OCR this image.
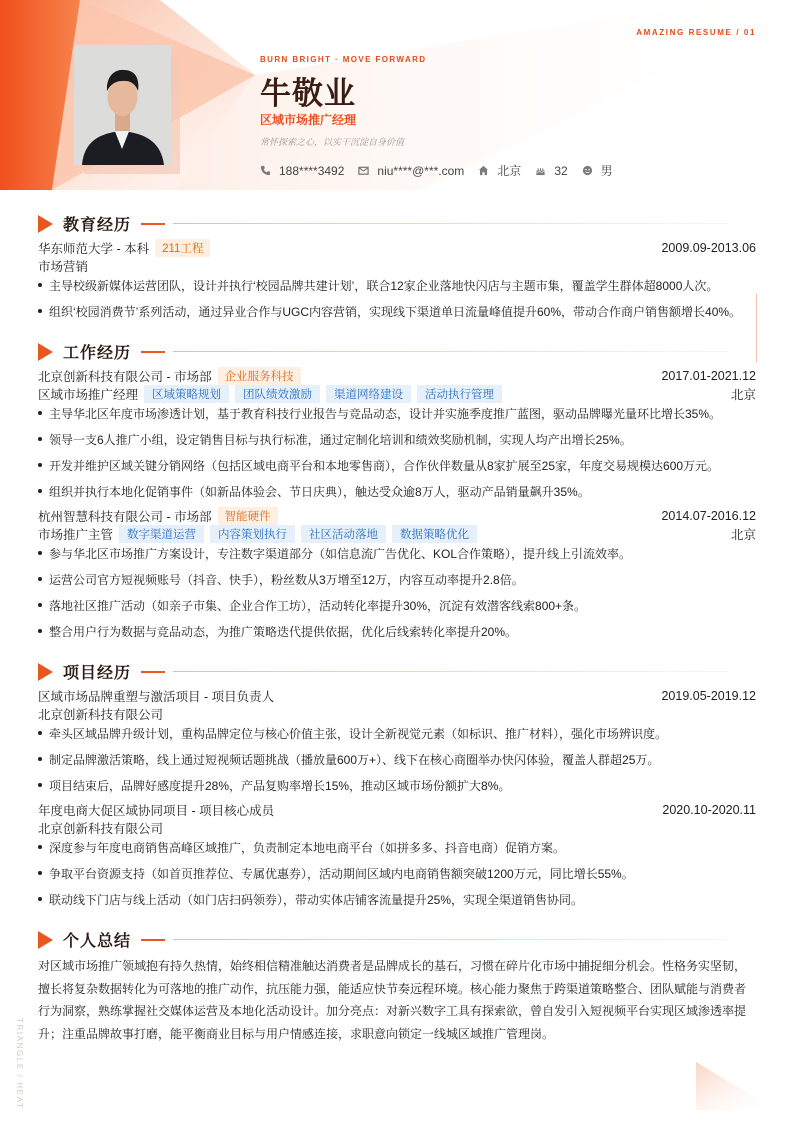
AMAZING RESUME / 01
BURN BRIGHT · MOVE FORWARD
牛敬业
区域市场推广经理
常怀探索之心，以实干沉淀自身价值
188****3492	niu****@***.com	北京	32	男
教育经历
华东师范大学 - 本科	211工程	2009.09-2013.06
市场营销
主导校级新媒体运营团队，设计并执行‘校园品牌共建计划’，联合12家企业落地快闪店与主题市集，覆盖学生群体超8000人次。
组织‘校园消费节’系列活动，通过异业合作与UGC内容营销，实现线下渠道单日流量峰值提升60%，带动合作商户销售额增长40%。
工作经历
北京创新科技有限公司 - 市场部	企业服务科技	2017.01-2021.12
区域市场推广经理	区域策略规划	团队绩效激励	渠道网络建设	活动执行管理	北京
主导华北区年度市场渗透计划，基于教育科技行业报告与竞品动态，设计并实施季度推广蓝图，驱动品牌曝光量环比增长35%。
领导一支6人推广小组，设定销售目标与执行标准，通过定制化培训和绩效奖励机制，实现人均产出增长25%。
开发并维护区域关键分销网络（包括区域电商平台和本地零售商），合作伙伴数量从8家扩展至25家，年度交易规模达600万元。
组织并执行本地化促销事件（如新品体验会、节日庆典），触达受众逾8万人，驱动产品销量飙升35%。
杭州智慧科技有限公司 - 市场部	智能硬件	2014.07-2016.12
市场推广主管	数字渠道运营	内容策划执行	社区活动落地	数据策略优化	北京
参与华北区市场推广方案设计，专注数字渠道部分（如信息流广告优化、KOL合作策略），提升线上引流效率。
运营公司官方短视频账号（抖音、快手），粉丝数从3万增至12万，内容互动率提升2.8倍。
落地社区推广活动（如亲子市集、企业合作工坊），活动转化率提升30%，沉淀有效潜客线索800+条。
整合用户行为数据与竞品动态，为推广策略迭代提供依据，优化后线索转化率提升20%。
项目经历
区域市场品牌重塑与激活项目 - 项目负责人	2019.05-2019.12
北京创新科技有限公司
牵头区域品牌升级计划，重构品牌定位与核心价值主张，设计全新视觉元素（如标识、推广材料），强化市场辨识度。
制定品牌激活策略，线上通过短视频话题挑战（播放量600万+）、线下在核心商圈举办快闪体验，覆盖人群超25万。
项目结束后，品牌好感度提升28%，产品复购率增长15%，推动区域市场份额扩大8%。
年度电商大促区域协同项目 - 项目核心成员	2020.10-2020.11
北京创新科技有限公司
深度参与年度电商销售高峰区域推广，负责制定本地电商平台（如拼多多、抖音电商）促销方案。
争取平台资源支持（如首页推荐位、专属优惠券），活动期间区域内电商销售额突破1200万元，同比增长55%。
联动线下门店与线上活动（如门店扫码领券），带动实体店铺客流量提升25%，实现全渠道销售协同。
个人总结
对区域市场推广领域抱有持久热情，始终相信精准触达消费者是品牌成长的基石，习惯在碎片化市场中捕捉细分机会。性格务实坚韧，擅长将复杂数据转化为可落地的推广动作，抗压能力强，能适应快节奏远程环境。核心能力聚焦于跨渠道策略整合、团队赋能与消费者行为洞察，熟练掌握社交媒体运营及本地化活动设计。加分亮点：对新兴数字工具有探索欲，曾自发引入短视频平台实现区域渗透率提升；注重品牌故事打磨，能平衡商业目标与用户情感连接，求职意向锁定一线城区域推广管理岗。
TRIANGLE / HEAT
